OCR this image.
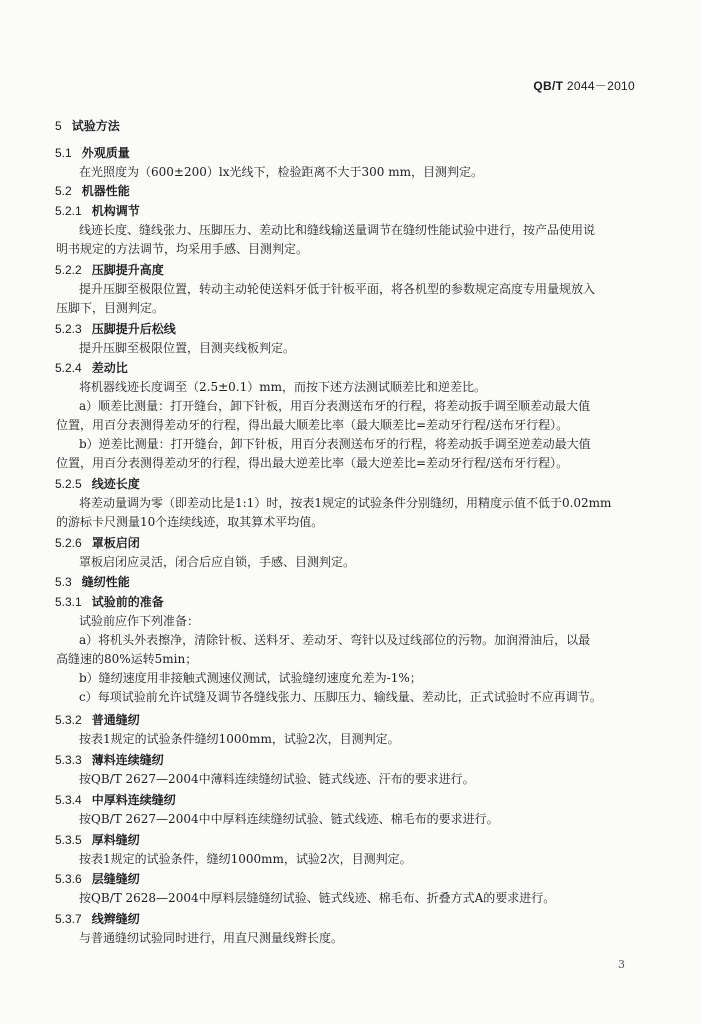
QB/T 2044－2010
5 试验方法
5.1 外观质量
在光照度为（600±200）lx光线下，检验距离不大于300 mm，目测判定。
5.2 机器性能
5.2.1 机构调节
线迹长度、缝线张力、压脚压力、差动比和缝线输送量调节在缝纫性能试验中进行，按产品使用说
明书规定的方法调节，均采用手感、目测判定。
5.2.2 压脚提升高度
提升压脚至极限位置，转动主动轮使送料牙低于针板平面，将各机型的参数规定高度专用量规放入
压脚下，目测判定。
5.2.3 压脚提升后松线
提升压脚至极限位置，目测夹线板判定。
5.2.4 差动比
将机器线迹长度调至（2.5±0.1）mm，而按下述方法测试顺差比和逆差比。
a）顺差比测量：打开缝台，卸下针板，用百分表测送布牙的行程，将差动扳手调至顺差动最大值
位置，用百分表测得差动牙的行程，得出最大顺差比率（最大顺差比=差动牙行程/送布牙行程）。
b）逆差比测量：打开缝台，卸下针板，用百分表测送布牙的行程，将差动扳手调至逆差动最大值
位置，用百分表测得差动牙的行程，得出最大逆差比率（最大逆差比=差动牙行程/送布牙行程）。
5.2.5 线迹长度
将差动量调为零（即差动比是1:1）时，按表1规定的试验条件分别缝纫，用精度示值不低于0.02mm
的游标卡尺测量10个连续线迹，取其算术平均值。
5.2.6 罩板启闭
罩板启闭应灵活，闭合后应自锁，手感、目测判定。
5.3 缝纫性能
5.3.1 试验前的准备
试验前应作下列准备：
a）将机头外表擦净，清除针板、送料牙、差动牙、弯针以及过线部位的污物。加润滑油后，以最
高缝速的80%运转5min；
b）缝纫速度用非接触式测速仪测试，试验缝纫速度允差为-1%；
c）每项试验前允许试缝及调节各缝线张力、压脚压力、输线量、差动比，正式试验时不应再调节。
5.3.2 普通缝纫
按表1规定的试验条件缝纫1000mm，试验2次，目测判定。
5.3.3 薄料连续缝纫
按QB/T 2627—2004中薄料连续缝纫试验、链式线迹、汗布的要求进行。
5.3.4 中厚料连续缝纫
按QB/T 2627—2004中中厚料连续缝纫试验、链式线迹、棉毛布的要求进行。
5.3.5 厚料缝纫
按表1规定的试验条件，缝纫1000mm，试验2次，目测判定。
5.3.6 层缝缝纫
按QB/T 2628—2004中厚料层缝缝纫试验、链式线迹、棉毛布、折叠方式A的要求进行。
5.3.7 线辫缝纫
与普通缝纫试验同时进行，用直尺测量线辫长度。
3
